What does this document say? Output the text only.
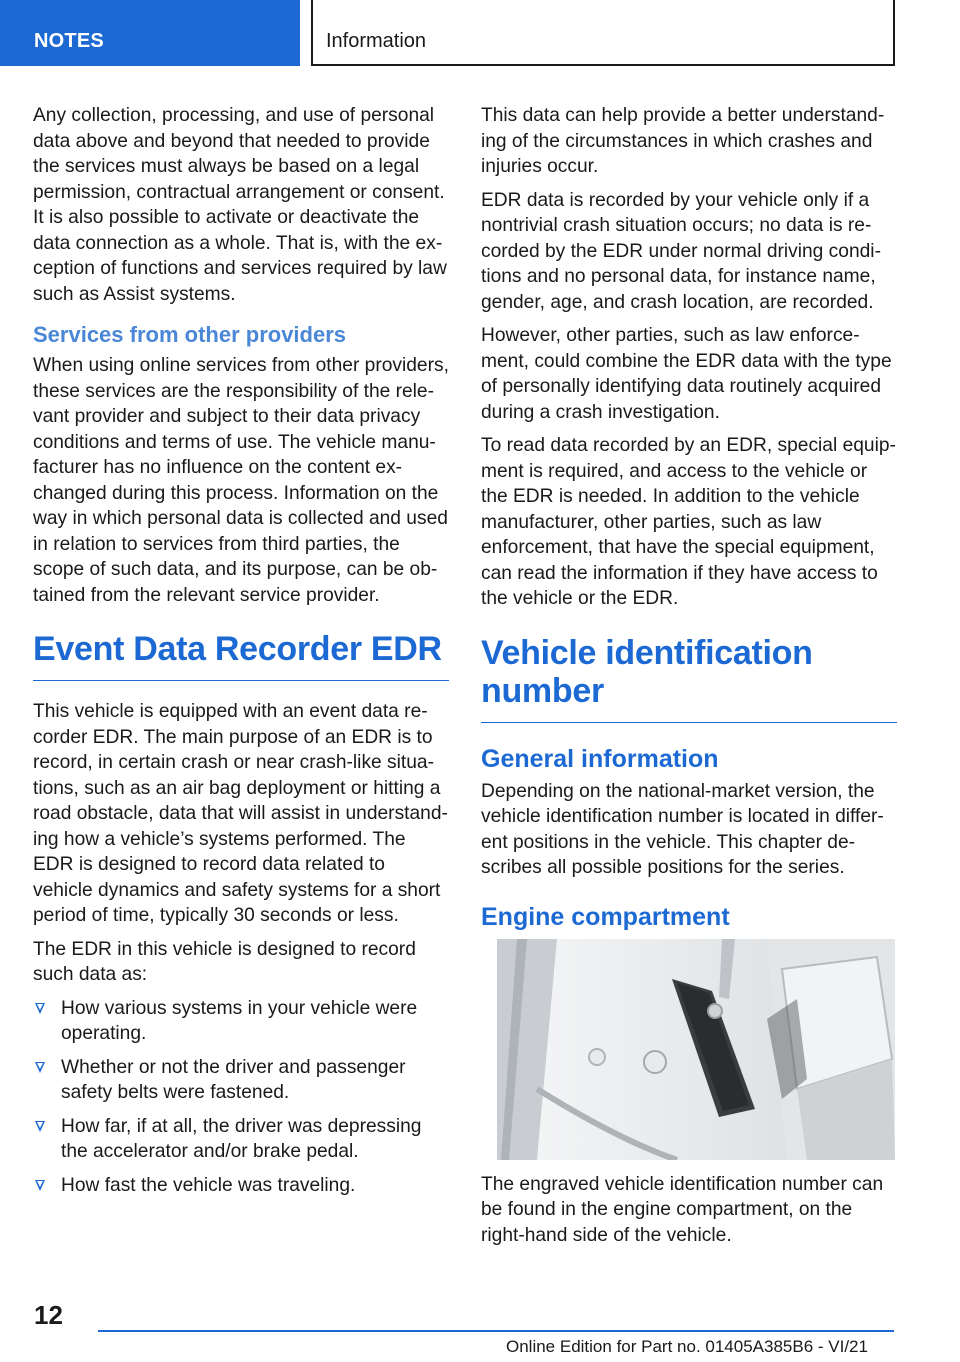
NOTES	Information

Any collection, processing, and use of personal data above and beyond that needed to provide the services must always be based on a legal permission, contractual arrangement or consent. It is also possible to activate or deactivate the data connection as a whole. That is, with the exception of functions and services required by law such as Assist systems.

Services from other providers

When using online services from other providers, these services are the responsibility of the relevant provider and subject to their data privacy conditions and terms of use. The vehicle manufacturer has no influence on the content exchanged during this process. Information on the way in which personal data is collected and used in relation to services from third parties, the scope of such data, and its purpose, can be obtained from the relevant service provider.

Event Data Recorder EDR

This vehicle is equipped with an event data recorder EDR. The main purpose of an EDR is to record, in certain crash or near crash-like situations, such as an air bag deployment or hitting a road obstacle, data that will assist in understanding how a vehicle’s systems performed. The EDR is designed to record data related to vehicle dynamics and safety systems for a short period of time, typically 30 seconds or less.

The EDR in this vehicle is designed to record such data as:

How various systems in your vehicle were operating.
Whether or not the driver and passenger safety belts were fastened.
How far, if at all, the driver was depressing the accelerator and/or brake pedal.
How fast the vehicle was traveling.

This data can help provide a better understanding of the circumstances in which crashes and injuries occur.

EDR data is recorded by your vehicle only if a nontrivial crash situation occurs; no data is recorded by the EDR under normal driving conditions and no personal data, for instance name, gender, age, and crash location, are recorded.

However, other parties, such as law enforcement, could combine the EDR data with the type of personally identifying data routinely acquired during a crash investigation.

To read data recorded by an EDR, special equipment is required, and access to the vehicle or the EDR is needed. In addition to the vehicle manufacturer, other parties, such as law enforcement, that have the special equipment, can read the information if they have access to the vehicle or the EDR.

Vehicle identification number
General information

Depending on the national-market version, the vehicle identification number is located in different positions in the vehicle. This chapter describes all possible positions for the series.

Engine compartment

The engraved vehicle identification number can be found in the engine compartment, on the right-hand side of the vehicle.

12
Online Edition for Part no. 01405A385B6 - VI/21
